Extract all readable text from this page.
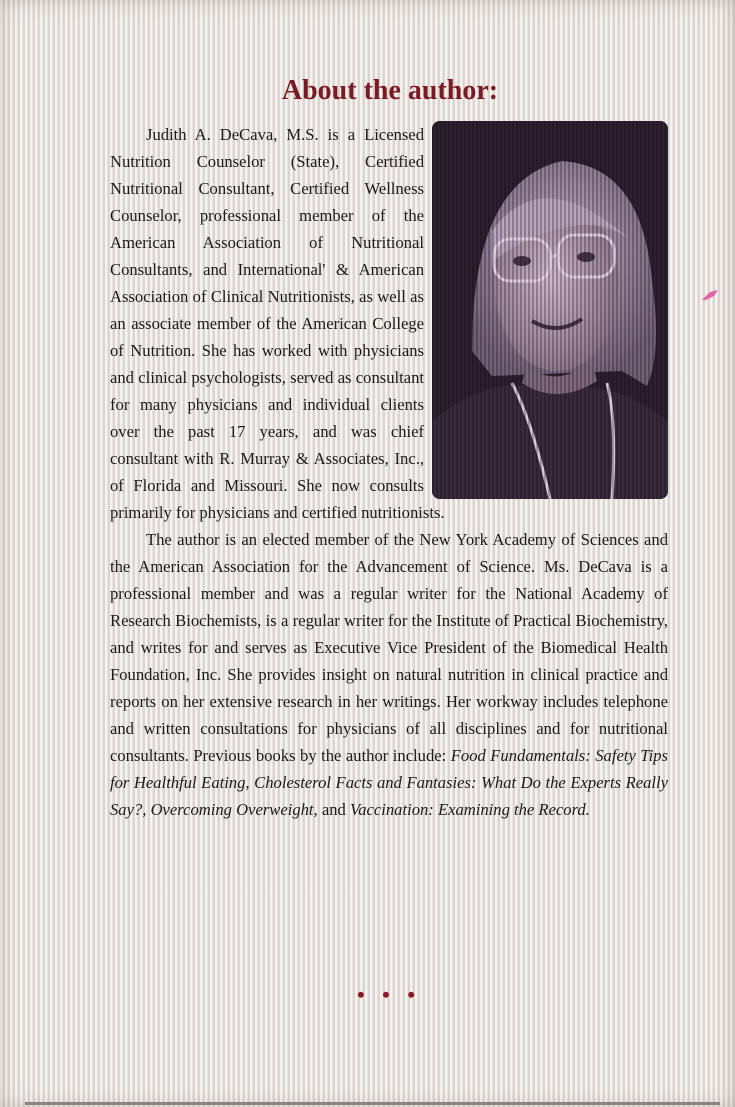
About the author:

Judith A. DeCava, M.S. is a Licensed Nutrition Counselor (State), Certified Nutritional Consultant, Certified Wellness Counselor, professional member of the American Association of Nutritional Consultants, and International' & American Association of Clinical Nutritionists, as well as an associate member of the American College of Nutrition. She has worked with physicians and clinical psychologists, served as consultant for many physicians and individual clients over the past 17 years, and was chief consultant with R. Murray & Associates, Inc., of Florida and Missouri. She now consults primarily for physicians and certified nutritionists.

The author is an elected member of the New York Academy of Sciences and the American Association for the Advancement of Science. Ms. DeCava is a professional member and was a regular writer for the National Academy of Research Biochemists, is a regular writer for the Institute of Practical Biochemistry, and writes for and serves as Executive Vice President of the Biomedical Health Foundation, Inc. She provides insight on natural nutrition in clinical practice and reports on her extensive research in her writings. Her workway includes telephone and written consultations for physicians of all disciplines and for nutritional consultants. Previous books by the author include: Food Fundamentals: Safety Tips for Healthful Eating, Cholesterol Facts and Fantasies: What Do the Experts Really Say?, Overcoming Overweight, and Vaccination: Examining the Record.

• • •
